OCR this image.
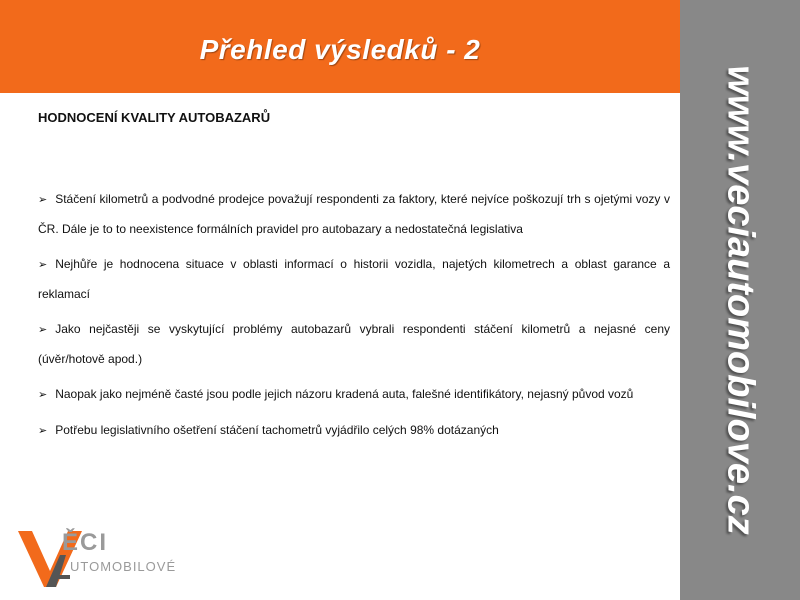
Přehled výsledků - 2
www.veciautomobilove.cz
HODNOCENÍ KVALITY AUTOBAZARŮ
➢ Stáčení kilometrů a podvodné prodejce považují respondenti za faktory, které nejvíce poškozují trh s ojetými vozy v ČR. Dále je to to neexistence formálních pravidel pro autobazary a nedostatečná legislativa
➢ Nejhůře je hodnocena situace v oblasti informací o historii vozidla, najetých kilometrech a oblast garance a reklamací
➢ Jako nejčastěji se vyskytující problémy autobazarů vybrali respondenti stáčení kilometrů a nejasné ceny (úvěr/hotově apod.)
➢ Naopak jako nejméně časté jsou podle jejich názoru kradená auta, falešné identifikátory, nejasný původ vozů
➢ Potřebu legislativního ošetření stáčení tachometrů vyjádřilo celých 98% dotázaných
ĚCI
UTOMOBILOVÉ
